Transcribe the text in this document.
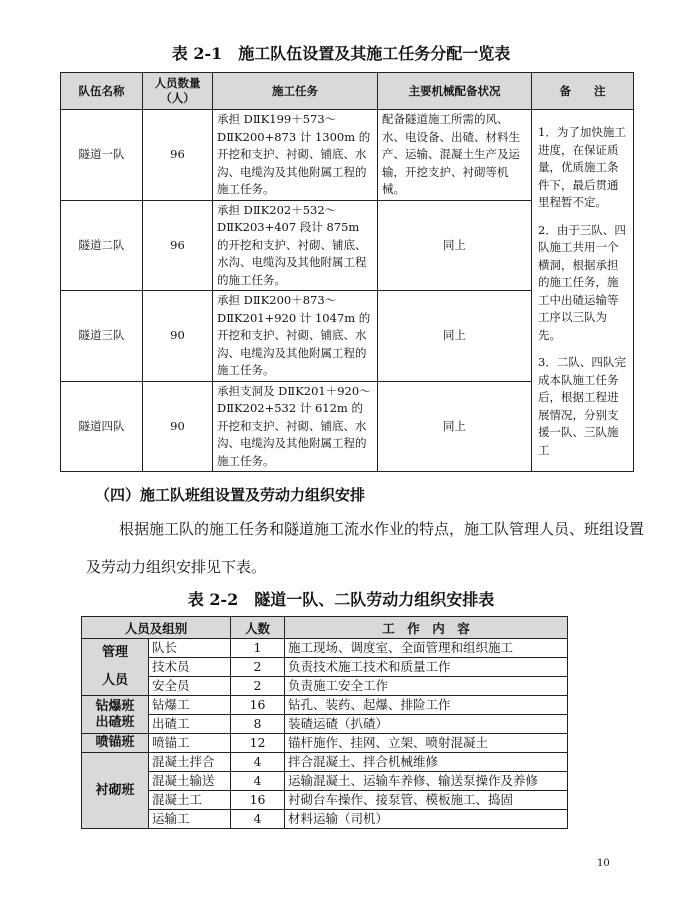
表 2-1　施工队伍设置及其施工任务分配一览表
队伍名称	人员数量（人）	施工任务	主要机械配备状况	备　　注
隧道一队	96	承担 DⅡK199＋573～DⅡK200+873 计 1300m 的开挖和支护、衬砌、铺底、水沟、电缆沟及其他附属工程的施工任务。	配备隧道施工所需的风、水、电设备、出碴、材料生产、运输、混凝土生产及运输，开挖支护、衬砌等机械。	1．为了加快施工进度，在保证质量，优质施工条件下，最后贯通里程暂不定。

2．由于三队、四队施工共用一个横洞，根据承担的施工任务，施工中出碴运输等工序以三队为先。

3．二队、四队完成本队施工任务后，根据工程进展情况，分别支援一队、三队施工

隧道二队	96	承担 DⅡK202＋532～DⅡK203+407 段计 875m 的开挖和支护、衬砌、铺底、水沟、电缆沟及其他附属工程的施工任务。	同上	
隧道三队	90	承担 DⅡK200＋873～DⅡK201+920 计 1047m 的开挖和支护、衬砌、铺底、水沟、电缆沟及其他附属工程的施工任务。	同上	
隧道四队	90	承担支洞及 DⅡK201＋920～DⅡK202+532 计 612m 的开挖和支护、衬砌、铺底、水沟、电缆沟及其他附属工程的施工任务。	同上	
（四）施工队班组设置及劳动力组织安排
根据施工队的施工任务和隧道施工流水作业的特点，施工队管理人员、班组设置及劳动力组织安排见下表。
表 2-2　隧道一队、二队劳动力组织安排表
人员及组别		人数	工　作　内　容

管理
人员	队长	1	施工现场、调度室、全面管理和组织施工
	技术员	2	负责技术施工技术和质量工作
	安全员	2	负责施工安全工作

钻爆班
出碴班	钻爆工	16	钻孔、装药、起爆、排险工作
	出碴工	8	装碴运碴（扒碴）
喷锚班	喷锚工	12	锚杆施作、挂网、立架、喷射混凝土
衬砌班	混凝土拌合	4	拌合混凝土、拌合机械维修
	混凝土输送	4	运输混凝土、运输车养修、输送泵操作及养修
	混凝土工	16	衬砌台车操作、接泵管、模板施工、捣固
	运输工	4	材料运输（司机）
10
